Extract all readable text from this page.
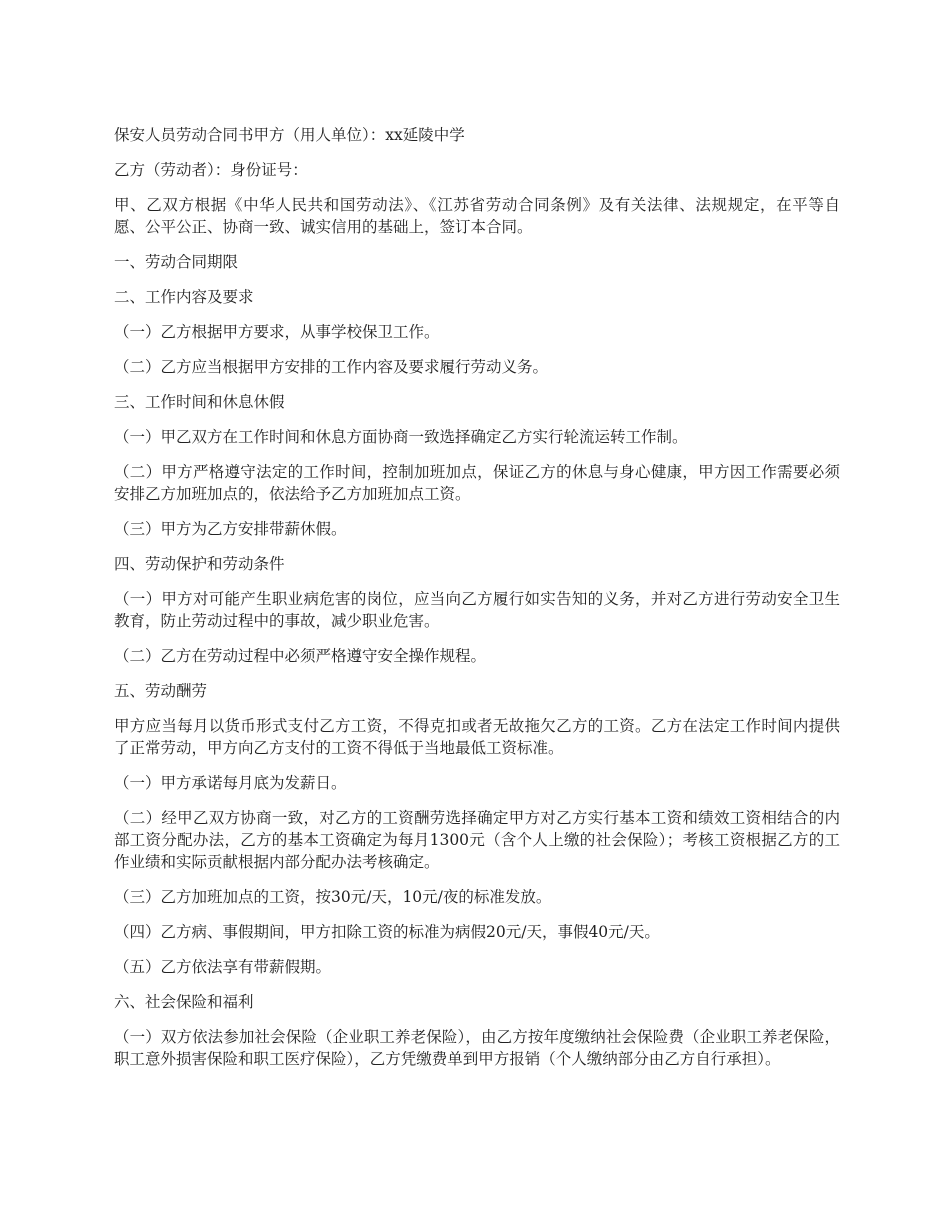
保安人员劳动合同书甲方（用人单位）：xx延陵中学

乙方（劳动者）：身份证号：

甲、乙双方根据《中华人民共和国劳动法》、《江苏省劳动合同条例》及有关法律、法规规定，在平等自愿、公平公正、协商一致、诚实信用的基础上，签订本合同。

一、劳动合同期限

二、工作内容及要求

（一）乙方根据甲方要求，从事学校保卫工作。

（二）乙方应当根据甲方安排的工作内容及要求履行劳动义务。

三、工作时间和休息休假

（一）甲乙双方在工作时间和休息方面协商一致选择确定乙方实行轮流运转工作制。

（二）甲方严格遵守法定的工作时间，控制加班加点，保证乙方的休息与身心健康，甲方因工作需要必须安排乙方加班加点的，依法给予乙方加班加点工资。

（三）甲方为乙方安排带薪休假。

四、劳动保护和劳动条件

（一）甲方对可能产生职业病危害的岗位，应当向乙方履行如实告知的义务，并对乙方进行劳动安全卫生教育，防止劳动过程中的事故，减少职业危害。

（二）乙方在劳动过程中必须严格遵守安全操作规程。

五、劳动酬劳

甲方应当每月以货币形式支付乙方工资，不得克扣或者无故拖欠乙方的工资。乙方在法定工作时间内提供了正常劳动，甲方向乙方支付的工资不得低于当地最低工资标准。

（一）甲方承诺每月底为发薪日。

（二）经甲乙双方协商一致，对乙方的工资酬劳选择确定甲方对乙方实行基本工资和绩效工资相结合的内部工资分配办法，乙方的基本工资确定为每月1300元（含个人上缴的社会保险）；考核工资根据乙方的工作业绩和实际贡献根据内部分配办法考核确定。

（三）乙方加班加点的工资，按30元/天，10元/夜的标准发放。

（四）乙方病、事假期间，甲方扣除工资的标准为病假20元/天，事假40元/天。

（五）乙方依法享有带薪假期。

六、社会保险和福利

（一）双方依法参加社会保险（企业职工养老保险），由乙方按年度缴纳社会保险费（企业职工养老保险，职工意外损害保险和职工医疗保险），乙方凭缴费单到甲方报销（个人缴纳部分由乙方自行承担）。
